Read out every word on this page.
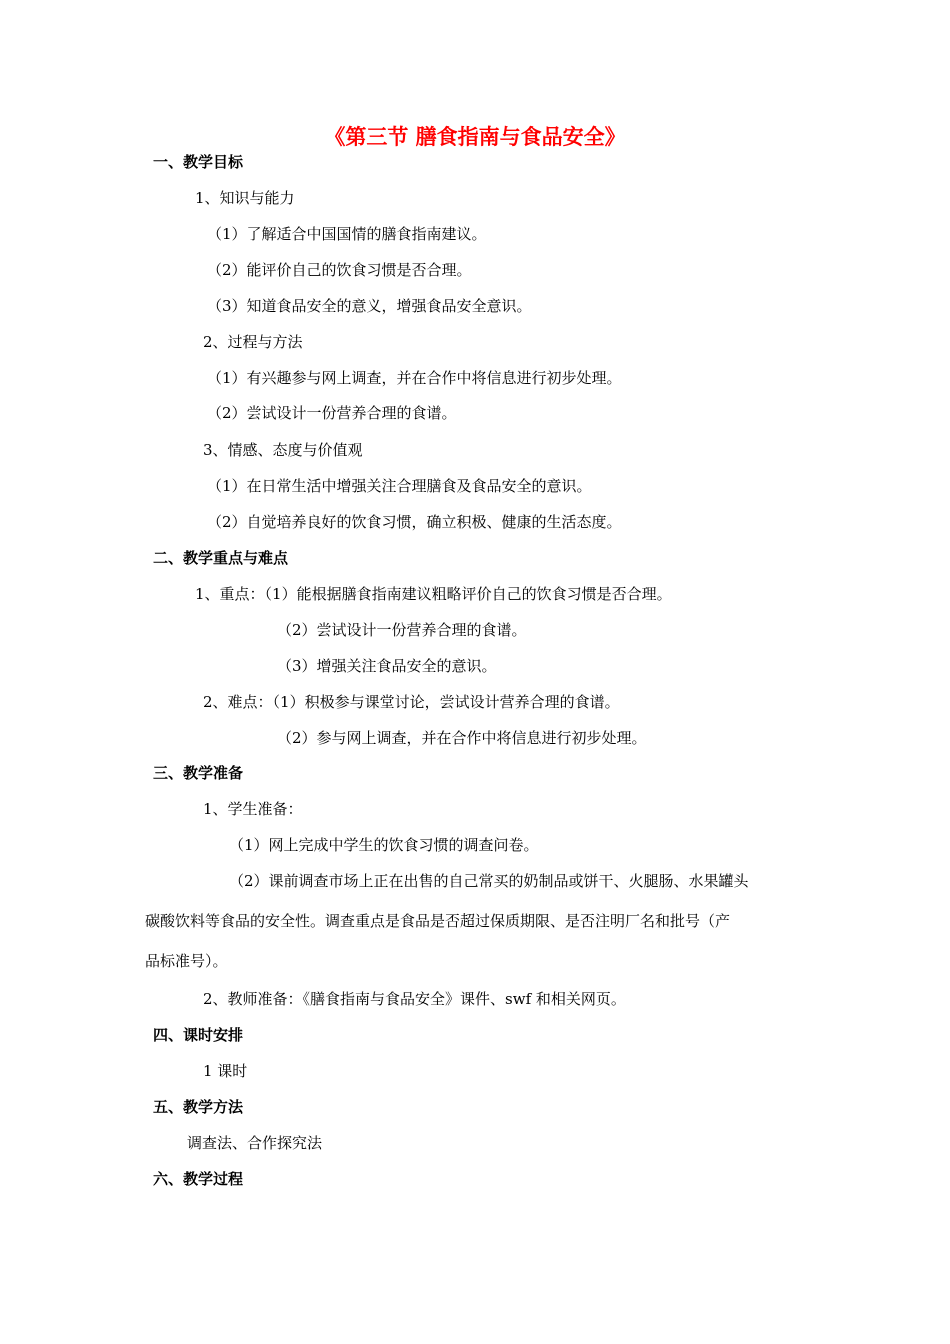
《第三节 膳食指南与食品安全》
一、教学目标
1、知识与能力
（1）了解适合中国国情的膳食指南建议。
（2）能评价自己的饮食习惯是否合理。
（3）知道食品安全的意义，增强食品安全意识。
2、过程与方法
（1）有兴趣参与网上调查，并在合作中将信息进行初步处理。
（2）尝试设计一份营养合理的食谱。
3、情感、态度与价值观
（1）在日常生活中增强关注合理膳食及食品安全的意识。
（2）自觉培养良好的饮食习惯，确立积极、健康的生活态度。
二、教学重点与难点
1、重点：（1）能根据膳食指南建议粗略评价自己的饮食习惯是否合理。
（2）尝试设计一份营养合理的食谱。
（3）增强关注食品安全的意识。
2、难点：（1）积极参与课堂讨论，尝试设计营养合理的食谱。
（2）参与网上调查，并在合作中将信息进行初步处理。
三、教学准备
1、学生准备：
（1）网上完成中学生的饮食习惯的调查问卷。
（2）课前调查市场上正在出售的自己常买的奶制品或饼干、火腿肠、水果罐头
碳酸饮料等食品的安全性。调查重点是食品是否超过保质期限、是否注明厂名和批号（产
品标准号）。
2、教师准备：《膳食指南与食品安全》课件、swf 和相关网页。
四、课时安排
1 课时
五、教学方法
调查法、合作探究法
六、教学过程
